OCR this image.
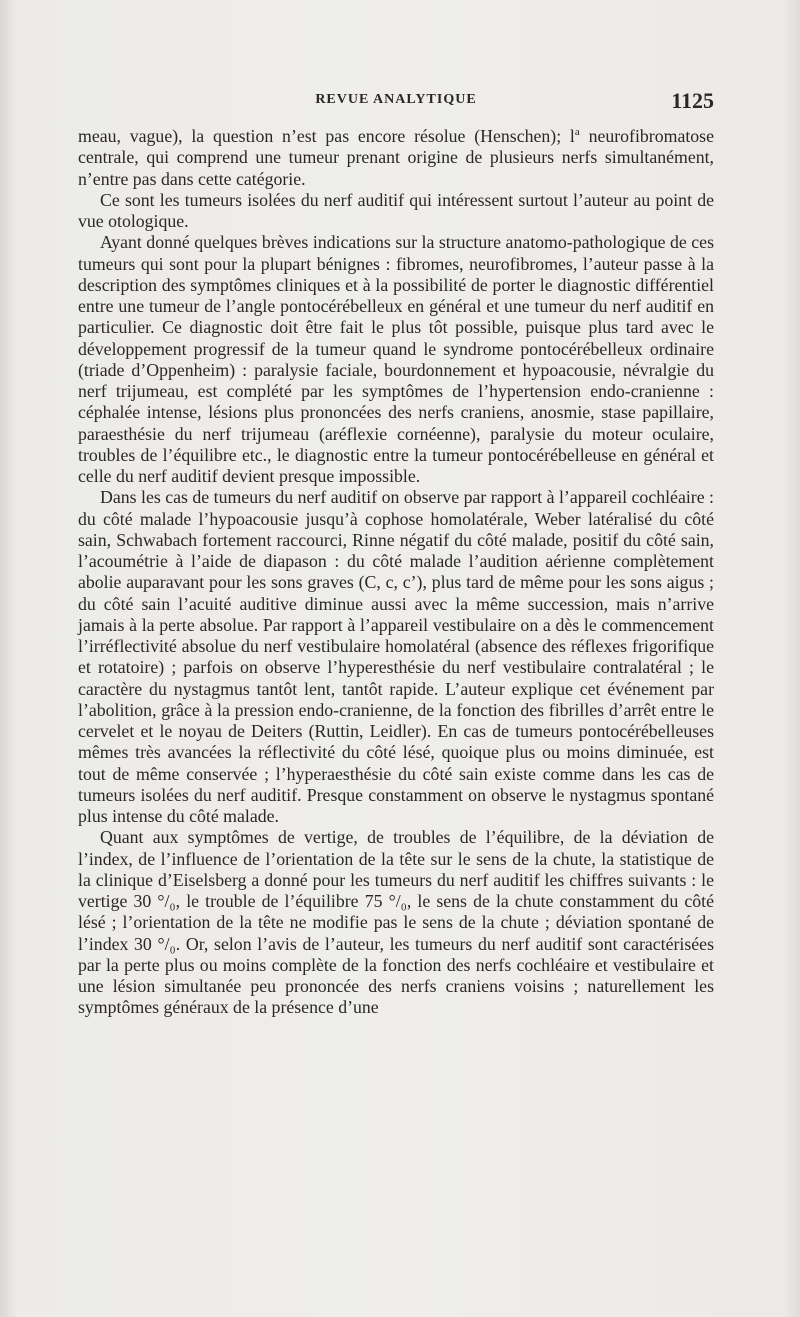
REVUE ANALYTIQUE	1125

meau, vague), la question n’est pas encore résolue (Henschen); $l^a$ neurofibromatose centrale, qui comprend une tumeur prenant origine de plusieurs nerfs simultanément, n’entre pas dans cette catégorie.

Ce sont les tumeurs isolées du nerf auditif qui intéressent surtout l’auteur au point de vue otologique.

Ayant donné quelques brèves indications sur la structure anatomo-pathologique de ces tumeurs qui sont pour la plupart bénignes : fibromes, neurofibromes, l’auteur passe à la description des symptômes cliniques et à la possibilité de porter le diagnostic différentiel entre une tumeur de l’angle pontocérébelleux en général et une tumeur du nerf auditif en particulier. Ce diagnostic doit être fait le plus tôt possible, puisque plus tard avec le développement progressif de la tumeur quand le syndrome pontocérébelleux ordinaire (triade d’Oppenheim) : paralysie faciale, bourdonnement et hypoacousie, névralgie du nerf trijumeau, est complété par les symptômes de l’hypertension endo-cranienne : céphalée intense, lésions plus prononcées des nerfs craniens, anosmie, stase papillaire, paraesthésie du nerf trijumeau (aréflexie cornéenne), paralysie du moteur oculaire, troubles de l’équilibre etc., le diagnostic entre la tumeur pontocérébelleuse en général et celle du nerf auditif devient presque impossible.

Dans les cas de tumeurs du nerf auditif on observe par rapport à l’appareil cochléaire : du côté malade l’hypoacousie jusqu’à cophose homolatérale, Weber latéralisé du côté sain, Schwabach fortement raccourci, Rinne négatif du côté malade, positif du côté sain, l’acoumétrie à l’aide de diapason : du côté malade l’audition aérienne complètement abolie auparavant pour les sons graves (C, c, c’), plus tard de même pour les sons aigus ; du côté sain l’acuité auditive diminue aussi avec la même succession, mais n’arrive jamais à la perte absolue. Par rapport à l’appareil vestibulaire on a dès le commencement l’irréflectivité absolue du nerf vestibulaire homolatéral (absence des réflexes frigorifique et rotatoire) ; parfois on observe l’hyperesthésie du nerf vestibulaire contralatéral ; le caractère du nystagmus tantôt lent, tantôt rapide. L’auteur explique cet événement par l’abolition, grâce à la pression endo-cranienne, de la fonction des fibrilles d’arrêt entre le cervelet et le noyau de Deiters (Ruttin, Leidler). En cas de tumeurs pontocérébelleuses mêmes très avancées la réflectivité du côté lésé, quoique plus ou moins diminuée, est tout de même conservée ; l’hyperaesthésie du côté sain existe comme dans les cas de tumeurs isolées du nerf auditif. Presque constamment on observe le nystagmus spontané plus intense du côté malade.

Quant aux symptômes de vertige, de troubles de l’équilibre, de la déviation de l’index, de l’influence de l’orientation de la tête sur le sens de la chute, la statistique de la clinique d’Eiselsberg a donné pour les tumeurs du nerf auditif les chiffres suivants : le vertige 30 °/₀, le trouble de l’équilibre 75 °/₀, le sens de la chute constamment du côté lésé ; l’orientation de la tête ne modifie pas le sens de la chute ; déviation spontané de l’index 30 °/₀. Or, selon l’avis de l’auteur, les tumeurs du nerf auditif sont caractérisées par la perte plus ou moins complète de la fonction des nerfs cochléaire et vestibulaire et une lésion simultanée peu prononcée des nerfs craniens voisins ; naturellement les symptômes généraux de la présence d’une
